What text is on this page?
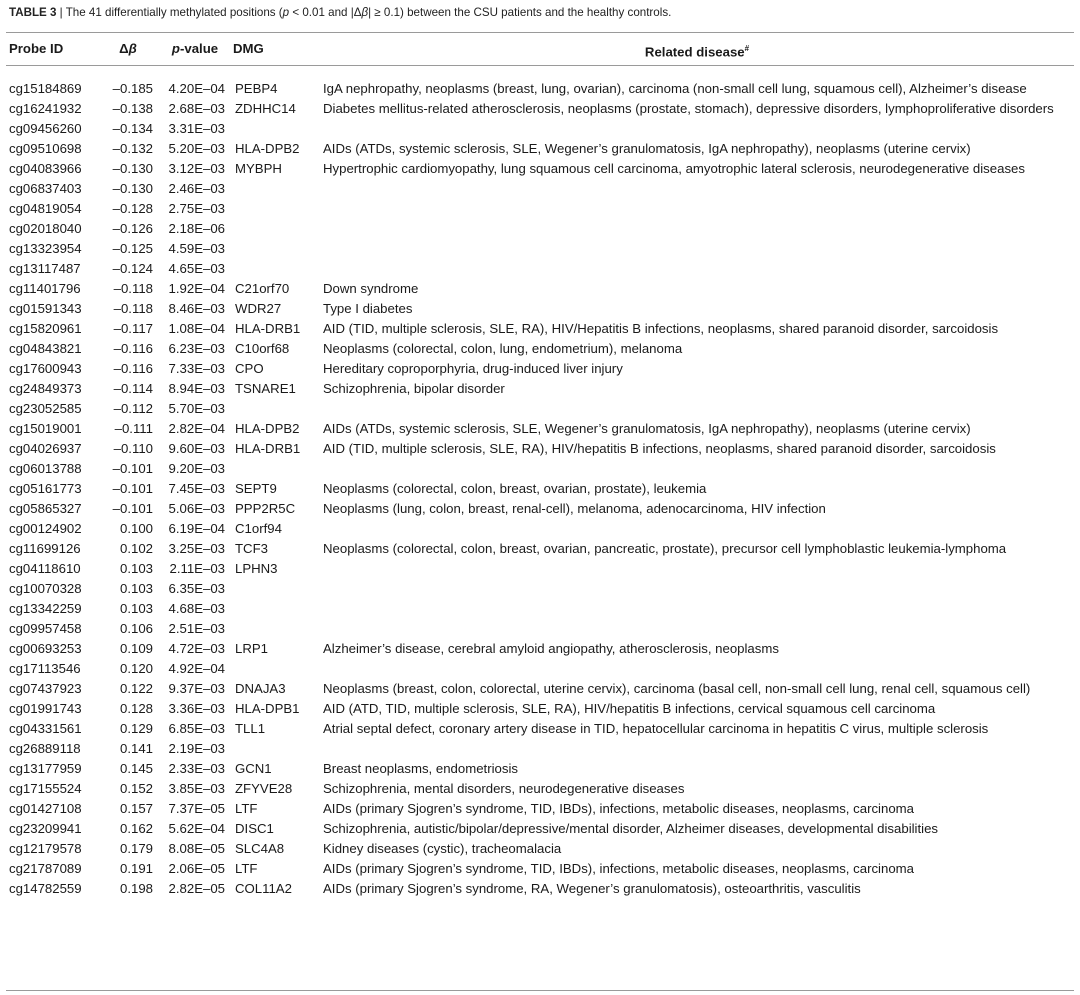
TABLE 3 | The 41 differentially methylated positions (p < 0.01 and |Δβ| ≥ 0.1) between the CSU patients and the healthy controls.
Probe ID	Δβ	p-value	DMG	Related disease#
cg15184869	–0.185	4.20E–04	PEBP4	IgA nephropathy, neoplasms (breast, lung, ovarian), carcinoma (non-small cell lung, squamous cell), Alzheimer’s disease
cg16241932	–0.138	2.68E–03	ZDHHC14	Diabetes mellitus-related atherosclerosis, neoplasms (prostate, stomach), depressive disorders, lymphoproliferative disorders
cg09456260	–0.134	3.31E–03		
cg09510698	–0.132	5.20E–03	HLA-DPB2	AIDs (ATDs, systemic sclerosis, SLE, Wegener’s granulomatosis, IgA nephropathy), neoplasms (uterine cervix)
cg04083966	–0.130	3.12E–03	MYBPH	Hypertrophic cardiomyopathy, lung squamous cell carcinoma, amyotrophic lateral sclerosis, neurodegenerative diseases
cg06837403	–0.130	2.46E–03		
cg04819054	–0.128	2.75E–03		
cg02018040	–0.126	2.18E–06		
cg13323954	–0.125	4.59E–03		
cg13117487	–0.124	4.65E–03		
cg11401796	–0.118	1.92E–04	C21orf70	Down syndrome
cg01591343	–0.118	8.46E–03	WDR27	Type I diabetes
cg15820961	–0.117	1.08E–04	HLA-DRB1	AID (TID, multiple sclerosis, SLE, RA), HIV/Hepatitis B infections, neoplasms, shared paranoid disorder, sarcoidosis
cg04843821	–0.116	6.23E–03	C10orf68	Neoplasms (colorectal, colon, lung, endometrium), melanoma
cg17600943	–0.116	7.33E–03	CPO	Hereditary coproporphyria, drug-induced liver injury
cg24849373	–0.114	8.94E–03	TSNARE1	Schizophrenia, bipolar disorder
cg23052585	–0.112	5.70E–03		
cg15019001	–0.111	2.82E–04	HLA-DPB2	AIDs (ATDs, systemic sclerosis, SLE, Wegener’s granulomatosis, IgA nephropathy), neoplasms (uterine cervix)
cg04026937	–0.110	9.60E–03	HLA-DRB1	AID (TID, multiple sclerosis, SLE, RA), HIV/hepatitis B infections, neoplasms, shared paranoid disorder, sarcoidosis
cg06013788	–0.101	9.20E–03		
cg05161773	–0.101	7.45E–03	SEPT9	Neoplasms (colorectal, colon, breast, ovarian, prostate), leukemia
cg05865327	–0.101	5.06E–03	PPP2R5C	Neoplasms (lung, colon, breast, renal-cell), melanoma, adenocarcinoma, HIV infection
cg00124902	0.100	6.19E–04	C1orf94	
cg11699126	0.102	3.25E–03	TCF3	Neoplasms (colorectal, colon, breast, ovarian, pancreatic, prostate), precursor cell lymphoblastic leukemia-lymphoma
cg04118610	0.103	2.11E–03	LPHN3	
cg10070328	0.103	6.35E–03		
cg13342259	0.103	4.68E–03		
cg09957458	0.106	2.51E–03		
cg00693253	0.109	4.72E–03	LRP1	Alzheimer’s disease, cerebral amyloid angiopathy, atherosclerosis, neoplasms
cg17113546	0.120	4.92E–04		
cg07437923	0.122	9.37E–03	DNAJA3	Neoplasms (breast, colon, colorectal, uterine cervix), carcinoma (basal cell, non-small cell lung, renal cell, squamous cell)
cg01991743	0.128	3.36E–03	HLA-DPB1	AID (ATD, TID, multiple sclerosis, SLE, RA), HIV/hepatitis B infections, cervical squamous cell carcinoma
cg04331561	0.129	6.85E–03	TLL1	Atrial septal defect, coronary artery disease in TID, hepatocellular carcinoma in hepatitis C virus, multiple sclerosis
cg26889118	0.141	2.19E–03		
cg13177959	0.145	2.33E–03	GCN1	Breast neoplasms, endometriosis
cg17155524	0.152	3.85E–03	ZFYVE28	Schizophrenia, mental disorders, neurodegenerative diseases
cg01427108	0.157	7.37E–05	LTF	AIDs (primary Sjogren’s syndrome, TID, IBDs), infections, metabolic diseases, neoplasms, carcinoma
cg23209941	0.162	5.62E–04	DISC1	Schizophrenia, autistic/bipolar/depressive/mental disorder, Alzheimer diseases, developmental disabilities
cg12179578	0.179	8.08E–05	SLC4A8	Kidney diseases (cystic), tracheomalacia
cg21787089	0.191	2.06E–05	LTF	AIDs (primary Sjogren’s syndrome, TID, IBDs), infections, metabolic diseases, neoplasms, carcinoma
cg14782559	0.198	2.82E–05	COL11A2	AIDs (primary Sjogren’s syndrome, RA, Wegener’s granulomatosis), osteoarthritis, vasculitis
